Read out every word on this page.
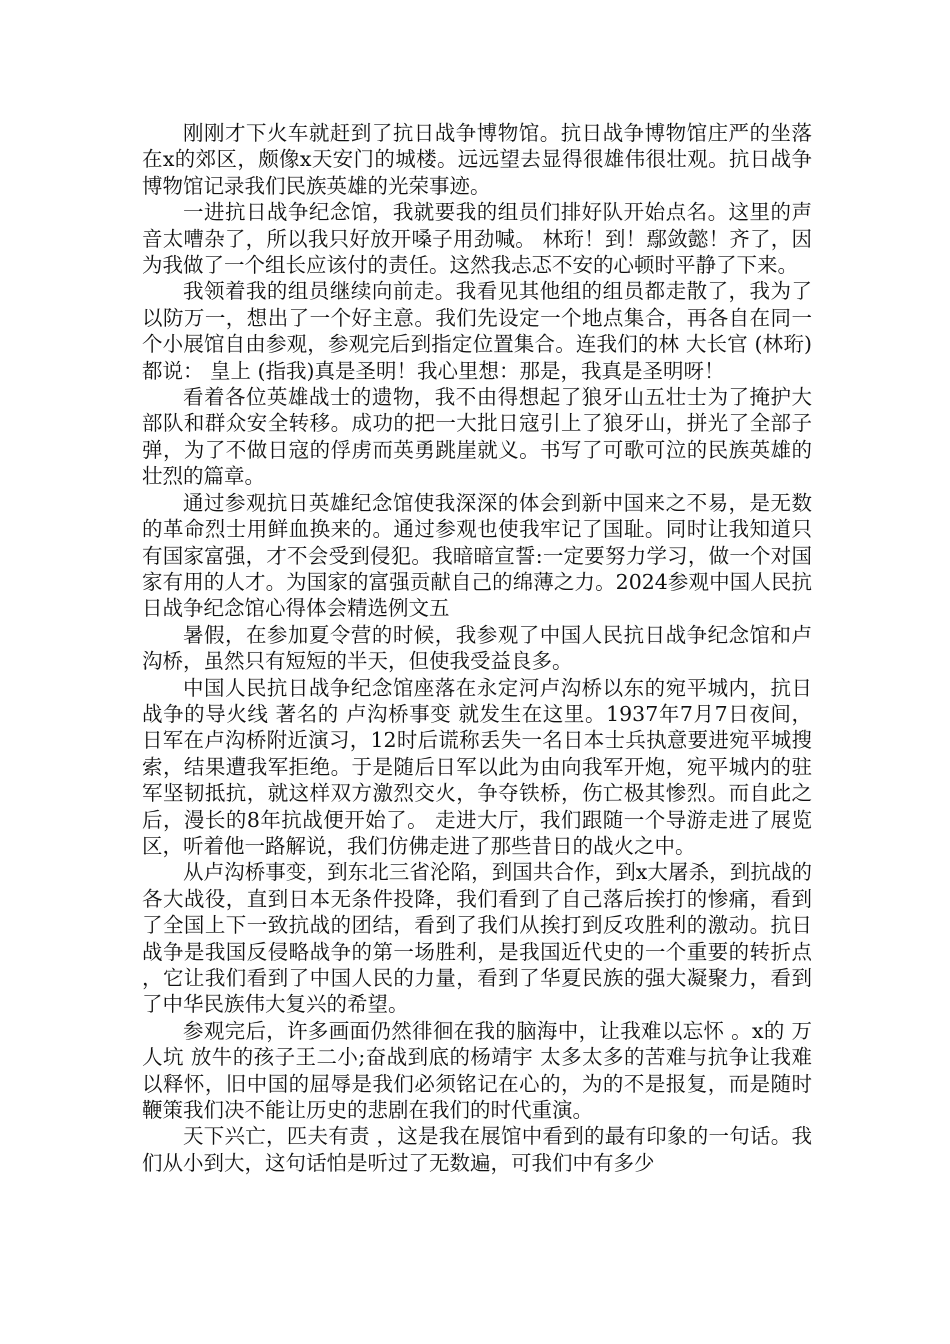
刚刚才下火车就赶到了抗日战争博物馆。抗日战争博物馆庄严的坐落在x的郊区，颇像x天安门的城楼。远远望去显得很雄伟很壮观。抗日战争博物馆记录我们民族英雄的光荣事迹。

一进抗日战争纪念馆，我就要我的组员们排好队开始点名。这里的声音太嘈杂了，所以我只好放开嗓子用劲喊。 林珩！到！鄢敛懿！齐了，因为我做了一个组长应该付的责任。这然我忐忑不安的心顿时平静了下来。

我领着我的组员继续向前走。我看见其他组的组员都走散了，我为了以防万一，想出了一个好主意。我们先设定一个地点集合，再各自在同一个小展馆自由参观，参观完后到指定位置集合。连我们的林 大长官 (林珩)都说： 皇上 (指我)真是圣明！我心里想：那是，我真是圣明呀！

看着各位英雄战士的遗物，我不由得想起了狼牙山五壮士为了掩护大部队和群众安全转移。成功的把一大批日寇引上了狼牙山，拼光了全部子弹，为了不做日寇的俘虏而英勇跳崖就义。书写了可歌可泣的民族英雄的壮烈的篇章。

通过参观抗日英雄纪念馆使我深深的体会到新中国来之不易，是无数的革命烈士用鲜血换来的。通过参观也使我牢记了国耻。同时让我知道只有国家富强，才不会受到侵犯。我暗暗宣誓:一定要努力学习，做一个对国家有用的人才。为国家的富强贡献自己的绵薄之力。2024参观中国人民抗日战争纪念馆心得体会精选例文五

暑假，在参加夏令营的时候，我参观了中国人民抗日战争纪念馆和卢沟桥，虽然只有短短的半天，但使我受益良多。

中国人民抗日战争纪念馆座落在永定河卢沟桥以东的宛平城内，抗日战争的导火线 著名的 卢沟桥事变 就发生在这里。1937年7月7日夜间，日军在卢沟桥附近演习，12时后谎称丢失一名日本士兵执意要进宛平城搜索，结果遭我军拒绝。于是随后日军以此为由向我军开炮，宛平城内的驻军坚韧抵抗，就这样双方激烈交火，争夺铁桥，伤亡极其惨烈。而自此之后，漫长的8年抗战便开始了。 走进大厅，我们跟随一个导游走进了展览区，听着他一路解说，我们仿佛走进了那些昔日的战火之中。

从卢沟桥事变，到东北三省沦陷，到国共合作，到x大屠杀，到抗战的各大战役，直到日本无条件投降，我们看到了自己落后挨打的惨痛，看到了全国上下一致抗战的团结，看到了我们从挨打到反攻胜利的激动。抗日战争是我国反侵略战争的第一场胜利，是我国近代史的一个重要的转折点，它让我们看到了中国人民的力量，看到了华夏民族的强大凝聚力，看到了中华民族伟大复兴的希望。

参观完后，许多画面仍然徘徊在我的脑海中，让我难以忘怀 。x的 万人坑 放牛的孩子王二小;奋战到底的杨靖宇 太多太多的苦难与抗争让我难以释怀，旧中国的屈辱是我们必须铭记在心的，为的不是报复，而是随时鞭策我们决不能让历史的悲剧在我们的时代重演。

天下兴亡，匹夫有责 ，这是我在展馆中看到的最有印象的一句话。我们从小到大，这句话怕是听过了无数遍，可我们中有多少
